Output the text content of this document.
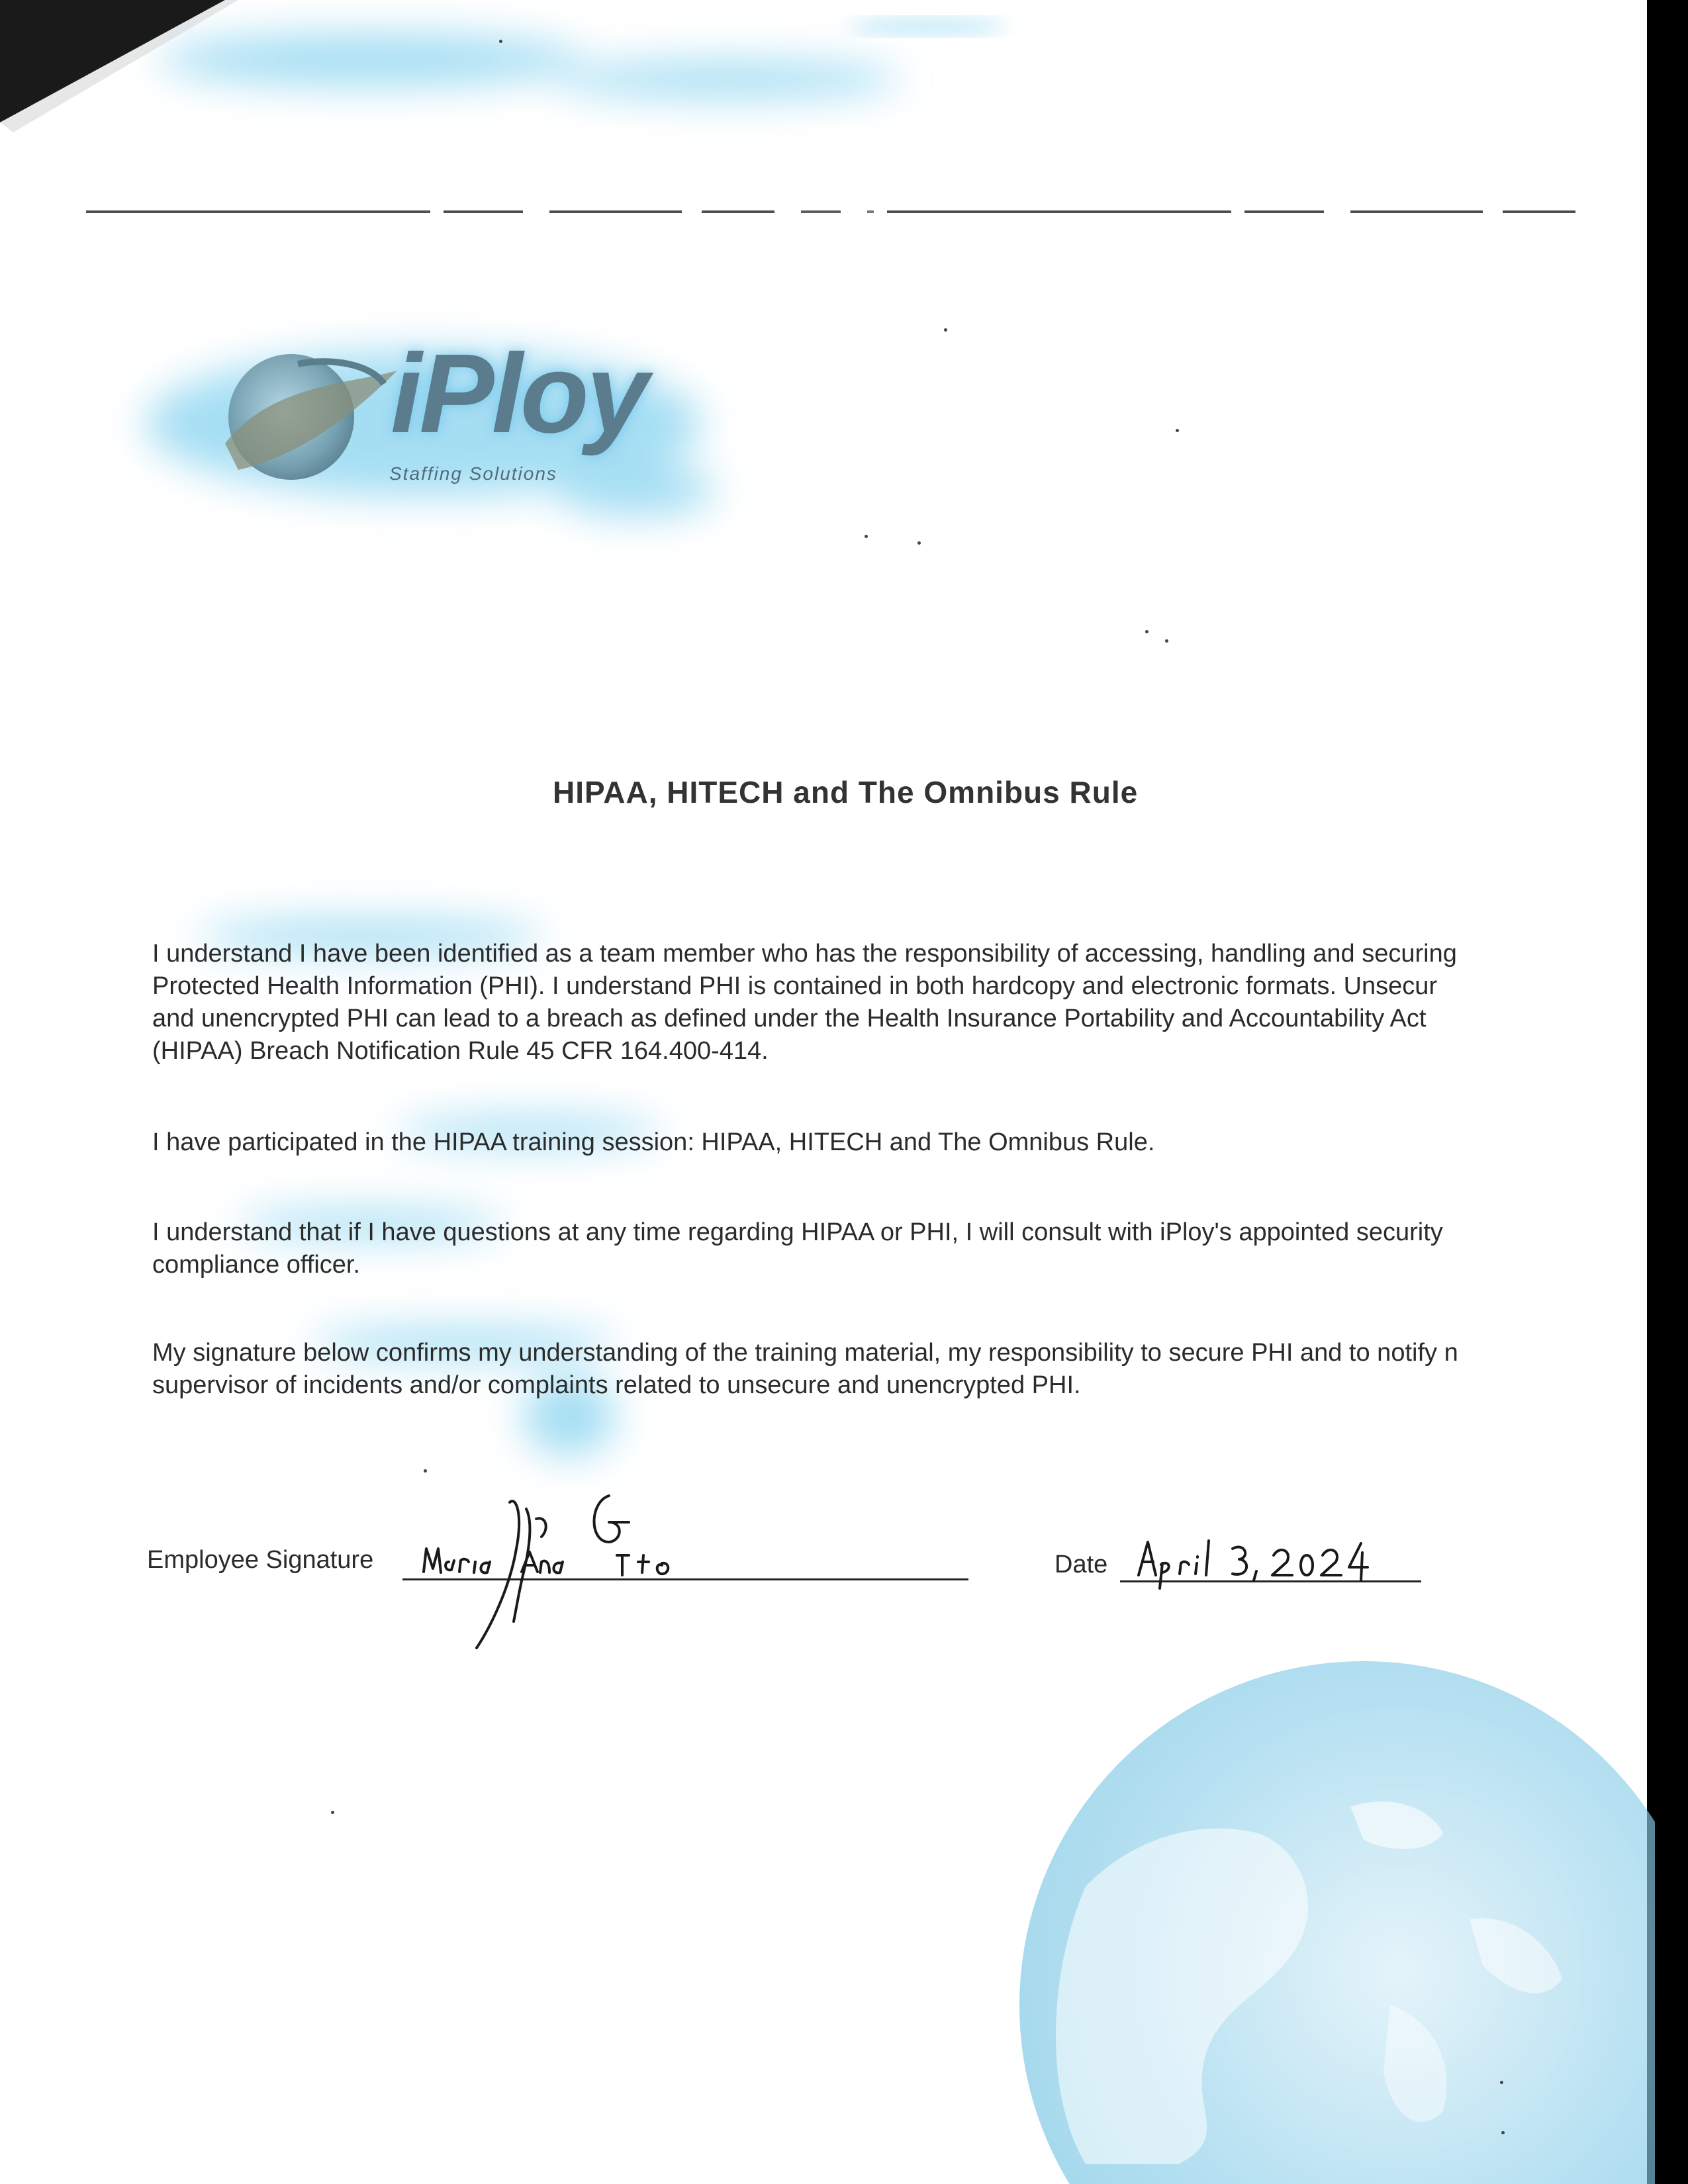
iPloy
Staffing Solutions
HIPAA, HITECH and The Omnibus Rule
I understand I have been identified as a team member who has the responsibility of accessing, handling and securing
Protected Health Information (PHI). I understand PHI is contained in both hardcopy and electronic formats. Unsecur
and unencrypted PHI can lead to a breach as defined under the Health Insurance Portability and Accountability Act
(HIPAA) Breach Notification Rule 45 CFR 164.400-414.
I have participated in the HIPAA training session: HIPAA, HITECH and The Omnibus Rule.
I understand that if I have questions at any time regarding HIPAA or PHI, I will consult with iPloy's appointed security
compliance officer.
My signature below confirms my understanding of the training material, my responsibility to secure PHI and to notify n
supervisor of incidents and/or complaints related to unsecure and unencrypted PHI.
Employee Signature	Date
